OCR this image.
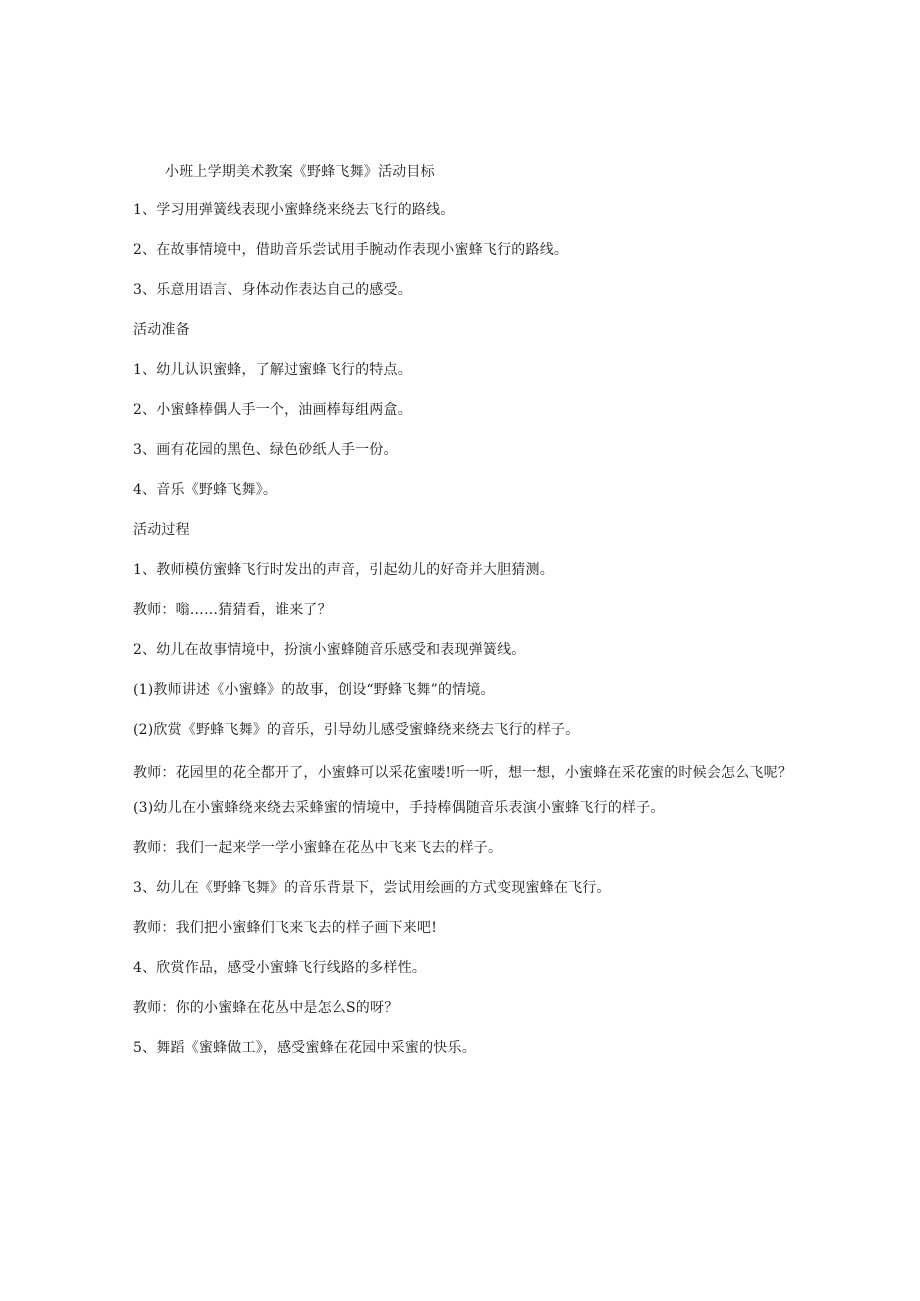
小班上学期美术教案《野蜂飞舞》活动目标

1、学习用弹簧线表现小蜜蜂绕来绕去飞行的路线。

2、在故事情境中，借助音乐尝试用手腕动作表现小蜜蜂飞行的路线。

3、乐意用语言、身体动作表达自己的感受。

活动准备

1、幼儿认识蜜蜂，了解过蜜蜂飞行的特点。

2、小蜜蜂棒偶人手一个，油画棒每组两盒。

3、画有花园的黑色、绿色砂纸人手一份。

4、音乐《野蜂飞舞》。

活动过程

1、教师模仿蜜蜂飞行时发出的声音，引起幼儿的好奇并大胆猜测。

教师：嗡……猜猜看，谁来了？

2、幼儿在故事情境中，扮演小蜜蜂随音乐感受和表现弹簧线。

(1)教师讲述《小蜜蜂》的故事，创设“野蜂飞舞”的情境。

(2)欣赏《野蜂飞舞》的音乐，引导幼儿感受蜜蜂绕来绕去飞行的样子。

教师：花园里的花全都开了，小蜜蜂可以采花蜜喽!听一听，想一想，小蜜蜂在采花蜜的时候会怎么飞呢？

(3)幼儿在小蜜蜂绕来绕去采蜂蜜的情境中，手持棒偶随音乐表演小蜜蜂飞行的样子。

教师：我们一起来学一学小蜜蜂在花丛中飞来飞去的样子。

3、幼儿在《野蜂飞舞》的音乐背景下，尝试用绘画的方式变现蜜蜂在飞行。

教师：我们把小蜜蜂们飞来飞去的样子画下来吧!

4、欣赏作品，感受小蜜蜂飞行线路的多样性。

教师：你的小蜜蜂在花丛中是怎么S的呀？

5、舞蹈《蜜蜂做工》，感受蜜蜂在花园中采蜜的快乐。
